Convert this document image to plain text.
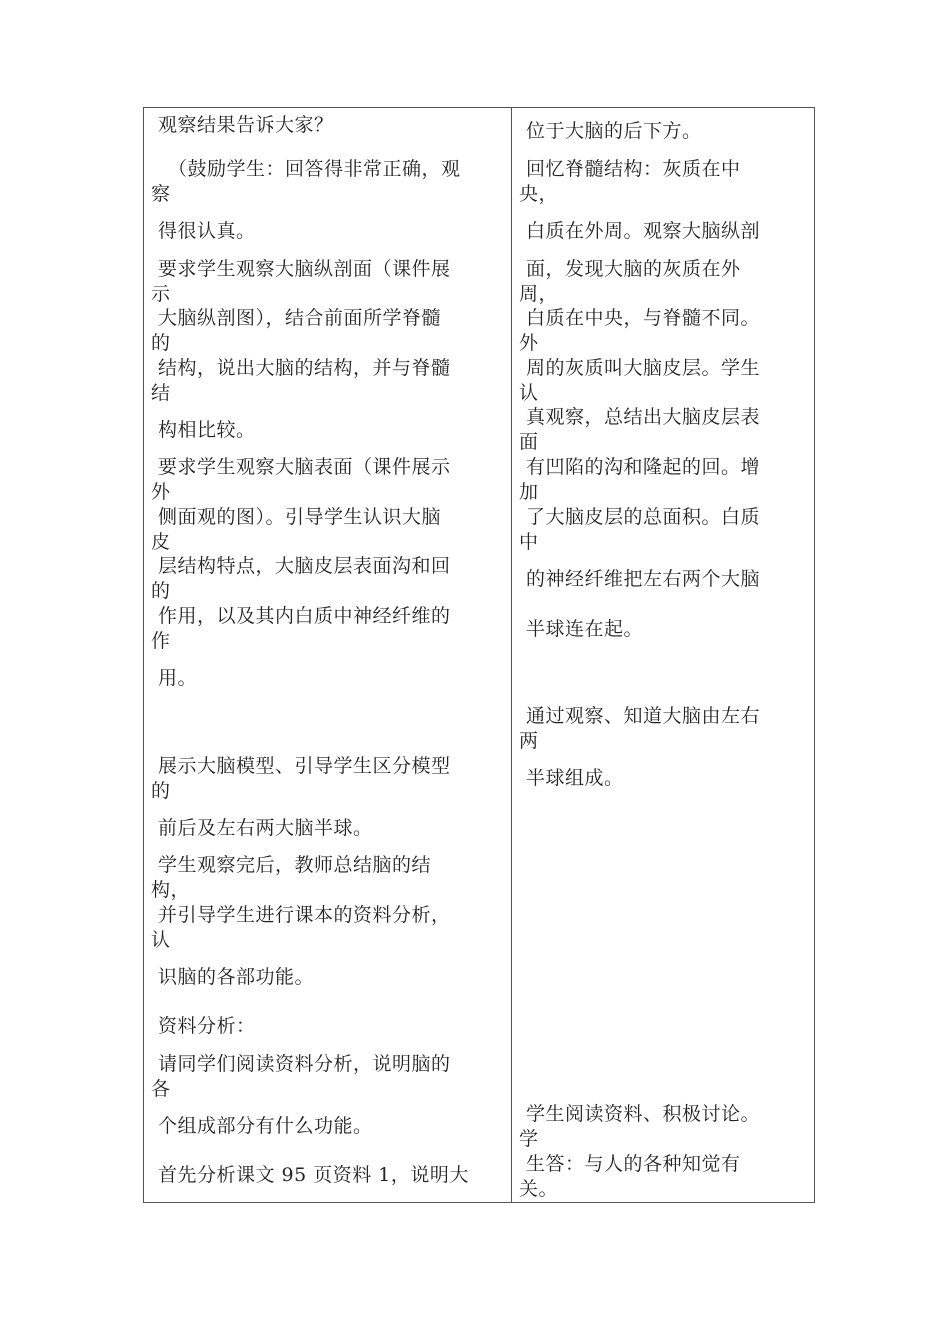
观察结果告诉大家？
（鼓励学生：回答得非常正确，观
察
得很认真。
要求学生观察大脑纵剖面（课件展
示
大脑纵剖图），结合前面所学脊髓
的
结构，说出大脑的结构，并与脊髓
结
构相比较。
要求学生观察大脑表面（课件展示
外
侧面观的图）。引导学生认识大脑
皮
层结构特点，大脑皮层表面沟和回
的
作用，以及其内白质中神经纤维的
作
用。
展示大脑模型、引导学生区分模型
的
前后及左右两大脑半球。
学生观察完后，教师总结脑的结
构，
并引导学生进行课本的资料分析，
认
识脑的各部功能。
资料分析：
请同学们阅读资料分析，说明脑的
各
个组成部分有什么功能。
首先分析课文 95 页资料 1，说明大
位于大脑的后下方。
回忆脊髓结构：灰质在中
央，
白质在外周。观察大脑纵剖
面，发现大脑的灰质在外
周，
白质在中央，与脊髓不同。
外
周的灰质叫大脑皮层。学生
认
真观察，总结出大脑皮层表
面
有凹陷的沟和隆起的回。增
加
了大脑皮层的总面积。白质
中
的神经纤维把左右两个大脑
半球连在起。
通过观察、知道大脑由左右
两
半球组成。
学生阅读资料、积极讨论。
学
生答：与人的各种知觉有
关。
